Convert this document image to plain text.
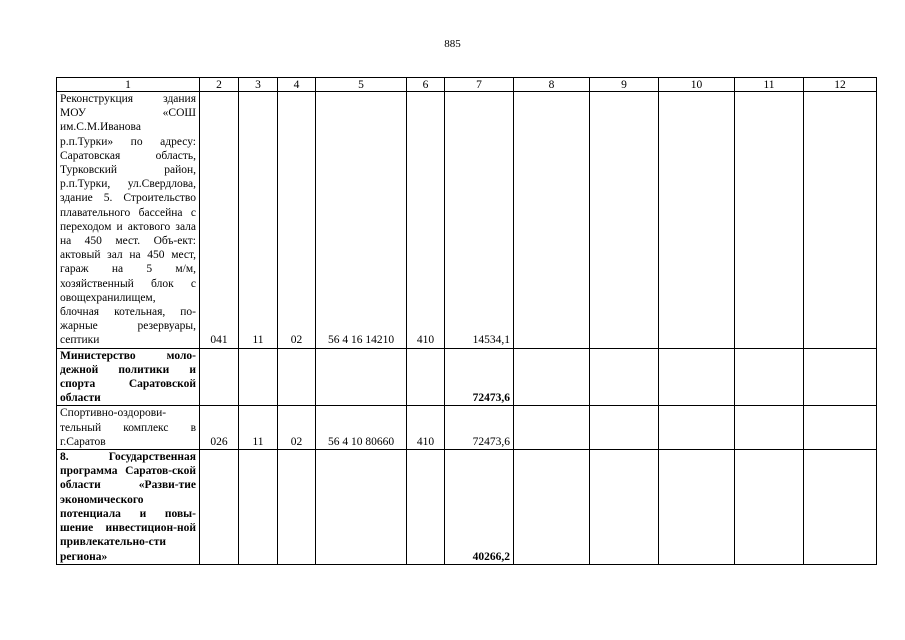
885
1	2	3	4	5	6	7	8	9	10	11	12
Реконструкция здания МОУ «СОШ им.С.М.Иванова р.п.Турки» по адресу: Саратовская область, Турковский район, р.п.Турки, ул.Свердлова, здание 5. Строительство плавательного бассейна с переходом и актового зала на 450 мест. Объ-ект: актовый зал на 450 мест, гараж на 5 м/м, хозяйственный блок с овощехранилищем, блочная котельная, по-жарные резервуары, септики	041	11	02	56 4 16 14210	410	14534,1					
Министерство моло-дежной политики и спорта Саратовской области						72473,6					
Спортивно-оздорови-тельный комплекс в г.Саратов	026	11	02	56 4 10 80660	410	72473,6					
8. Государственная программа Саратов-ской области «Разви-тие экономического потенциала и повы-шение инвестицион-ной привлекательно-сти региона»						40266,2					
